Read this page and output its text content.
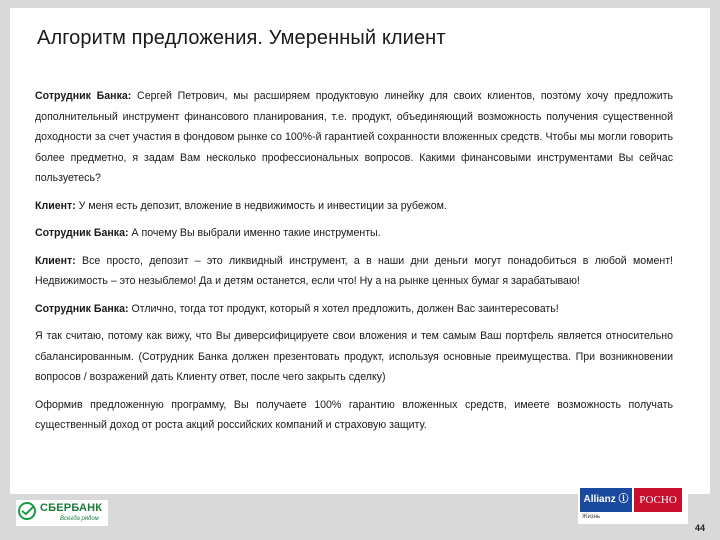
Алгоритм предложения. Умеренный клиент

Сотрудник Банка: Сергей Петрович, мы расширяем продуктовую линейку для своих клиентов, поэтому хочу предложить дополнительный инструмент финансового планирования, т.е. продукт, объединяющий возможность получения существенной доходности за счет участия в фондовом рынке со 100%-й гарантией сохранности вложенных средств. Чтобы мы могли говорить более предметно, я задам Вам несколько профессиональных вопросов. Какими финансовыми инструментами Вы сейчас пользуетесь?

Клиент: У меня есть депозит, вложение в недвижимость и инвестиции за рубежом.

Сотрудник Банка: А почему Вы выбрали именно такие инструменты.

Клиент: Все просто, депозит – это ликвидный инструмент, а в наши дни деньги могут понадобиться в любой момент! Недвижимость – это незыблемо! Да и детям останется, если что! Ну а на рынке ценных бумаг я зарабатываю!

Сотрудник Банка: Отлично, тогда тот продукт, который я хотел предложить, должен Вас заинтересовать!

Я так считаю, потому как вижу, что Вы диверсифицируете свои вложения и тем самым Ваш портфель является относительно сбалансированным. (Сотрудник Банка должен презентовать продукт, используя основные преимущества. При возникновении вопросов / возражений дать Клиенту ответ, после чего закрыть сделку)

Оформив предложенную программу, Вы получаете 100% гарантию вложенных средств, имеете возможность получать существенный доход от роста акций российских компаний и страховую защиту.

СБЕРБАНК
Всегда рядом
Allianz ⓘ РОСНО
Жизнь
44
